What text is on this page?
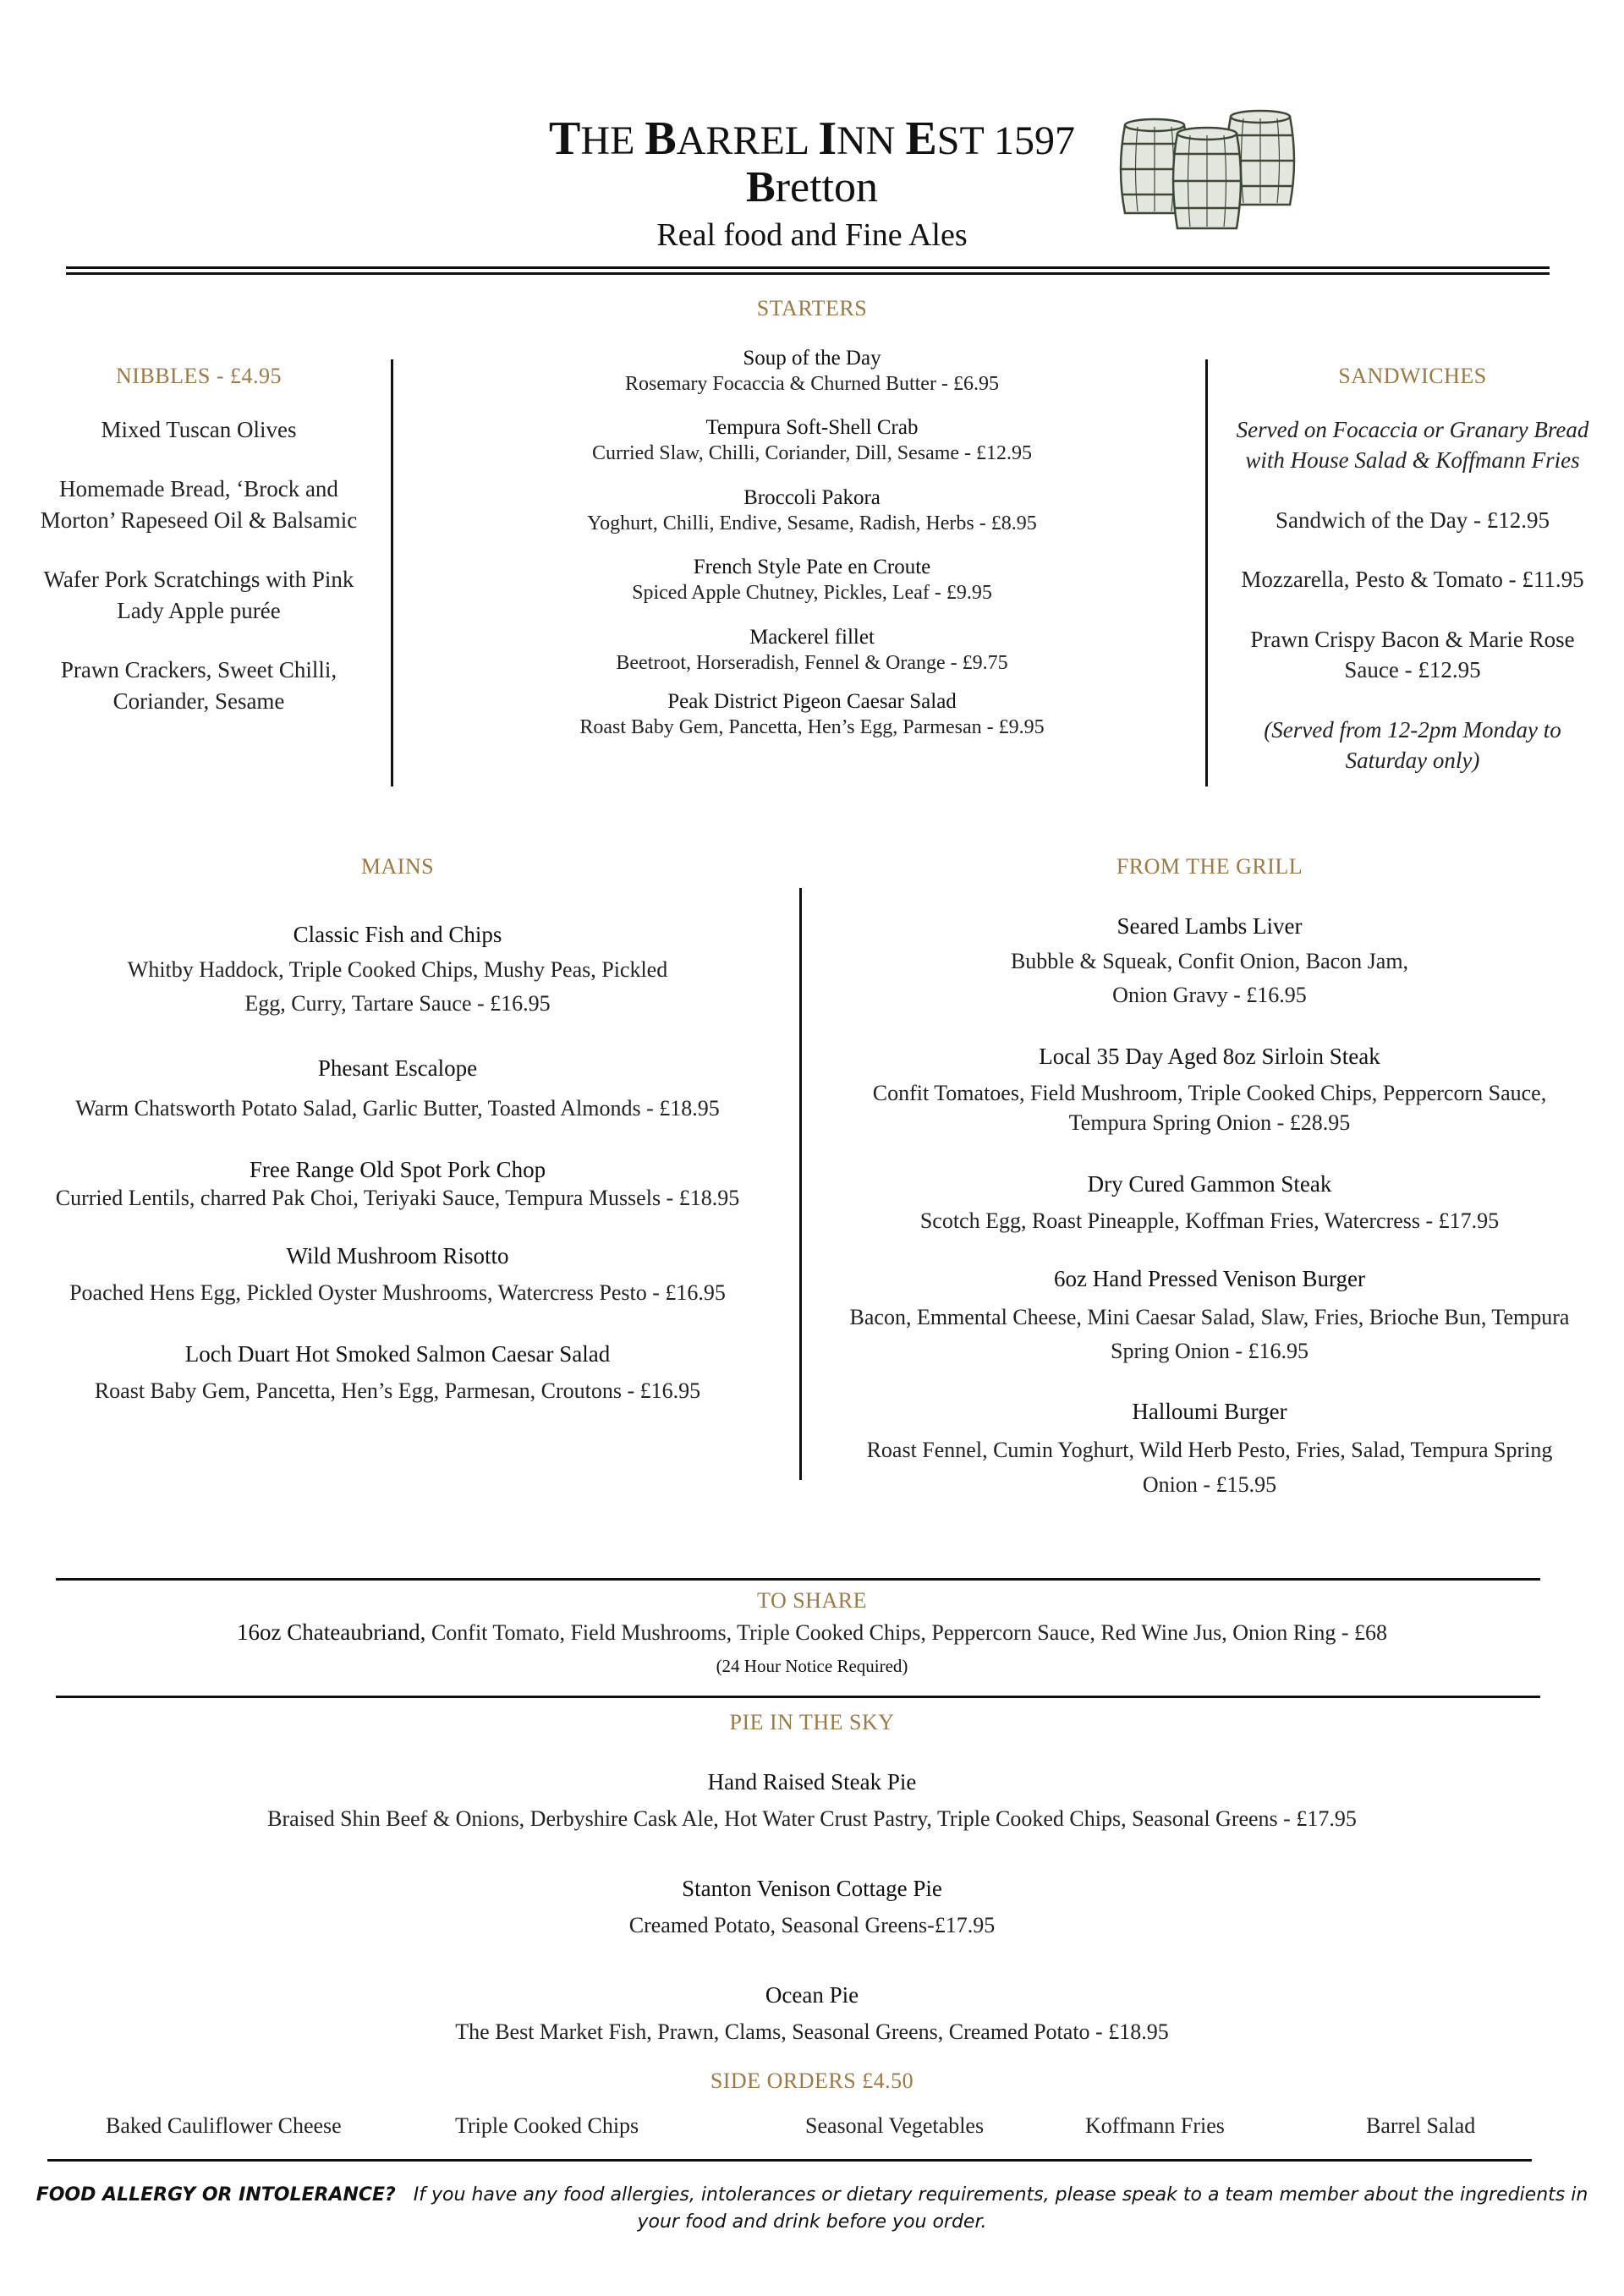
THE BARREL INN EST 1597
Bretton
Real food and Fine Ales
STARTERS
NIBBLES - £4.95
Mixed Tuscan Olives
Homemade Bread, ‘Brock and Morton’ Rapeseed Oil & Balsamic
Wafer Pork Scratchings with Pink Lady Apple purée
Prawn Crackers, Sweet Chilli, Coriander, Sesame
Soup of the Day
Rosemary Focaccia & Churned Butter - £6.95
Tempura Soft-Shell Crab
Curried Slaw, Chilli, Coriander, Dill, Sesame - £12.95
Broccoli Pakora
Yoghurt, Chilli, Endive, Sesame, Radish, Herbs - £8.95
French Style Pate en Croute
Spiced Apple Chutney, Pickles, Leaf - £9.95
Mackerel fillet
Beetroot, Horseradish, Fennel & Orange - £9.75
Peak District Pigeon Caesar Salad
Roast Baby Gem, Pancetta, Hen’s Egg, Parmesan - £9.95
SANDWICHES
Served on Focaccia or Granary Bread with House Salad & Koffmann Fries
Sandwich of the Day - £12.95
Mozzarella, Pesto & Tomato - £11.95
Prawn Crispy Bacon & Marie Rose Sauce - £12.95
(Served from 12-2pm Monday to Saturday only)
MAINS
Classic Fish and Chips
Whitby Haddock, Triple Cooked Chips, Mushy Peas, Pickled Egg, Curry, Tartare Sauce - £16.95
Phesant Escalope
Warm Chatsworth Potato Salad, Garlic Butter, Toasted Almonds - £18.95
Free Range Old Spot Pork Chop
Curried Lentils, charred Pak Choi, Teriyaki Sauce, Tempura Mussels - £18.95
Wild Mushroom Risotto
Poached Hens Egg, Pickled Oyster Mushrooms, Watercress Pesto - £16.95
Loch Duart Hot Smoked Salmon Caesar Salad
Roast Baby Gem, Pancetta, Hen’s Egg, Parmesan, Croutons - £16.95
FROM THE GRILL
Seared Lambs Liver
Bubble & Squeak, Confit Onion, Bacon Jam, Onion Gravy - £16.95
Local 35 Day Aged 8oz Sirloin Steak
Confit Tomatoes, Field Mushroom, Triple Cooked Chips, Peppercorn Sauce, Tempura Spring Onion - £28.95
Dry Cured Gammon Steak
Scotch Egg, Roast Pineapple, Koffman Fries, Watercress - £17.95
6oz Hand Pressed Venison Burger
Bacon, Emmental Cheese, Mini Caesar Salad, Slaw, Fries, Brioche Bun, Tempura Spring Onion - £16.95
Halloumi Burger
Roast Fennel, Cumin Yoghurt, Wild Herb Pesto, Fries, Salad, Tempura Spring Onion - £15.95
TO SHARE
16oz Chateaubriand, Confit Tomato, Field Mushrooms, Triple Cooked Chips, Peppercorn Sauce, Red Wine Jus, Onion Ring - £68
(24 Hour Notice Required)
PIE IN THE SKY
Hand Raised Steak Pie
Braised Shin Beef & Onions, Derbyshire Cask Ale, Hot Water Crust Pastry, Triple Cooked Chips, Seasonal Greens - £17.95
Stanton Venison Cottage Pie
Creamed Potato, Seasonal Greens-£17.95
Ocean Pie
The Best Market Fish, Prawn, Clams, Seasonal Greens, Creamed Potato - £18.95
SIDE ORDERS £4.50
Baked Cauliflower Cheese	Triple Cooked Chips	Seasonal Vegetables	Koffmann Fries	Barrel Salad
FOOD ALLERGY OR INTOLERANCE?   If you have any food allergies, intolerances or dietary requirements, please speak to a team member about the ingredients in your food and drink before you order.
